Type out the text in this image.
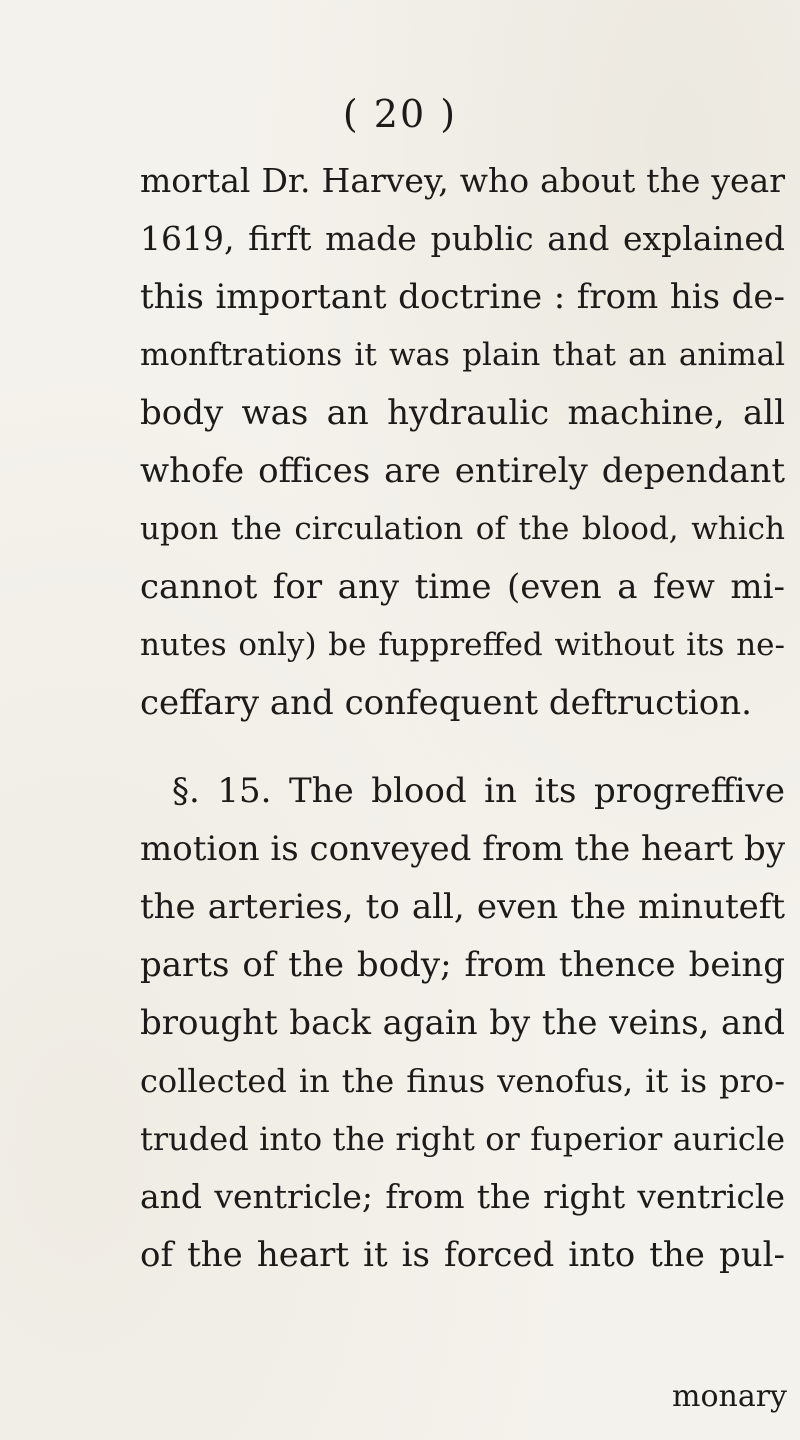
( 20 )
mortal Dr. Harvey, who about the year
1619, firft made public and explained
this important doctrine : from his de-
monftrations it was plain that an animal
body was an hydraulic machine, all
whofe offices are entirely dependant
upon the circulation of the blood, which
cannot for any time (even a few mi-
nutes only) be fuppreffed without its ne-
ceffary and confequent deftruction.
§. 15. The blood in its progreffive
motion is conveyed from the heart by
the arteries, to all, even the minuteft
parts of the body; from thence being
brought back again by the veins, and
collected in the finus venofus, it is pro-
truded into the right or fuperior auricle
and ventricle; from the right ventricle
of the heart it is forced into the pul-
monary
